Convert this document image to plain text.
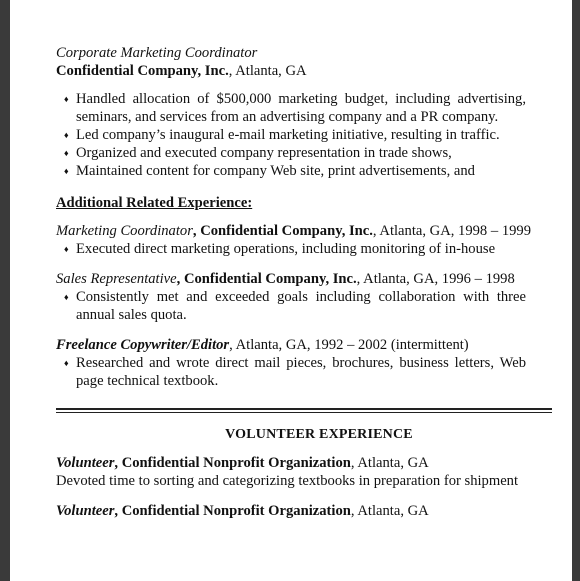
Corporate Marketing Coordinator
Confidential Company, Inc., Atlanta, GA
♦ Handled allocation of $500,000 marketing budget, including advertising, seminars, and services from an advertising company and a PR company.
♦ Led company’s inaugural e-mail marketing initiative, resulting in traffic.
♦ Organized and executed company representation in trade shows,
♦ Maintained content for company Web site, print advertisements, and
Additional Related Experience:
Marketing Coordinator, Confidential Company, Inc., Atlanta, GA, 1998 – 1999
♦ Executed direct marketing operations, including monitoring of in-house
Sales Representative, Confidential Company, Inc., Atlanta, GA, 1996 – 1998
♦ Consistently met and exceeded goals including collaboration with three annual sales quota.
Freelance Copywriter/Editor, Atlanta, GA, 1992 – 2002 (intermittent)
♦ Researched and wrote direct mail pieces, brochures, business letters, Web page technical textbook.
VOLUNTEER EXPERIENCE
Volunteer, Confidential Nonprofit Organization, Atlanta, GA
Devoted time to sorting and categorizing textbooks in preparation for shipment
Volunteer, Confidential Nonprofit Organization, Atlanta, GA
